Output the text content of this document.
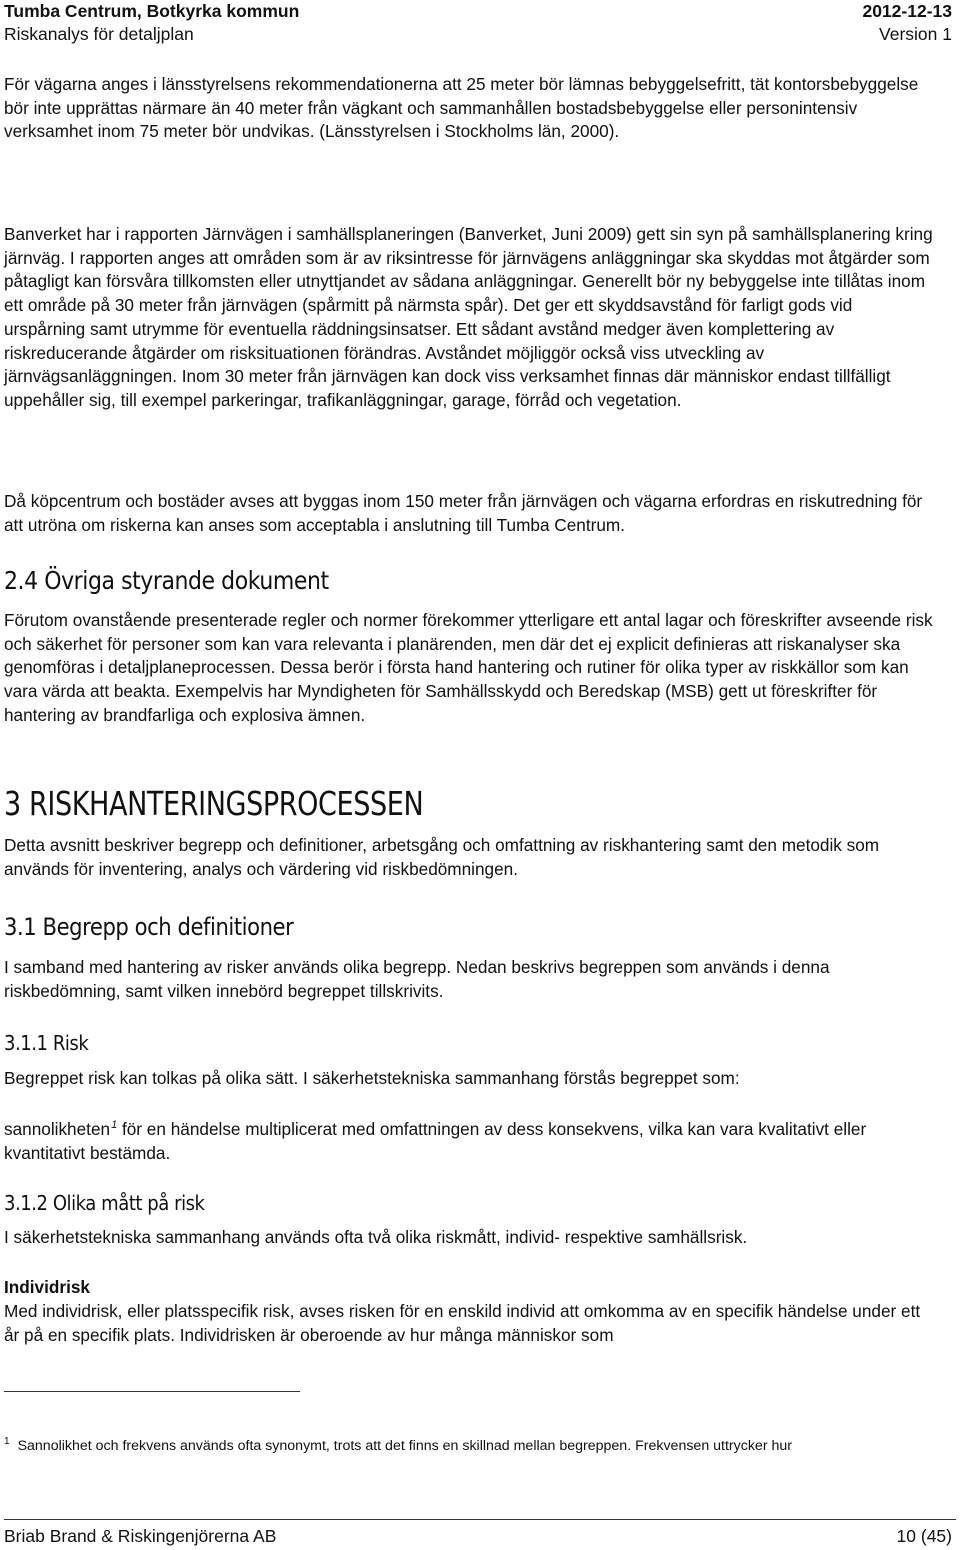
Tumba Centrum, Botkyrka kommun	2012-12-13
Riskanalys för detaljplan	Version 1

För vägarna anges i länsstyrelsens rekommendationerna att 25 meter bör lämnas bebyggelsefritt, tät kontorsbebyggelse bör inte upprättas närmare än 40 meter från vägkant och sammanhållen bostadsbebyggelse eller personintensiv verksamhet inom 75 meter bör undvikas. (Länsstyrelsen i Stockholms län, 2000).

Banverket har i rapporten Järnvägen i samhällsplaneringen (Banverket, Juni 2009) gett sin syn på samhällsplanering kring järnväg. I rapporten anges att områden som är av riksintresse för järnvägens anläggningar ska skyddas mot åtgärder som påtagligt kan försvåra tillkomsten eller utnyttjandet av sådana anläggningar. Generellt bör ny bebyggelse inte tillåtas inom ett område på 30 meter från järnvägen (spårmitt på närmsta spår). Det ger ett skyddsavstånd för farligt gods vid urspårning samt utrymme för eventuella räddningsinsatser. Ett sådant avstånd medger även komplettering av riskreducerande åtgärder om risksituationen förändras. Avståndet möjliggör också viss utveckling av järnvägsanläggningen. Inom 30 meter från järnvägen kan dock viss verksamhet finnas där människor endast tillfälligt uppehåller sig, till exempel parkeringar, trafikanläggningar, garage, förråd och vegetation.

Då köpcentrum och bostäder avses att byggas inom 150 meter från järnvägen och vägarna erfordras en riskutredning för att utröna om riskerna kan anses som acceptabla i anslutning till Tumba Centrum.

2.4 Övriga styrande dokument

Förutom ovanstående presenterade regler och normer förekommer ytterligare ett antal lagar och föreskrifter avseende risk och säkerhet för personer som kan vara relevanta i planärenden, men där det ej explicit definieras att riskanalyser ska genomföras i detaljplaneprocessen. Dessa berör i första hand hantering och rutiner för olika typer av riskkällor som kan vara värda att beakta. Exempelvis har Myndigheten för Samhällsskydd och Beredskap (MSB) gett ut föreskrifter för hantering av brandfarliga och explosiva ämnen.

3 RISKHANTERINGSPROCESSEN

Detta avsnitt beskriver begrepp och definitioner, arbetsgång och omfattning av riskhantering samt den metodik som används för inventering, analys och värdering vid riskbedömningen.

3.1 Begrepp och definitioner

I samband med hantering av risker används olika begrepp. Nedan beskrivs begreppen som används i denna riskbedömning, samt vilken innebörd begreppet tillskrivits.

3.1.1 Risk

Begreppet risk kan tolkas på olika sätt. I säkerhetstekniska sammanhang förstås begreppet som:

sannolikheten$^1$ för en händelse multiplicerat med omfattningen av dess konsekvens, vilka kan vara kvalitativt eller kvantitativt bestämda.

3.1.2 Olika mått på risk

I säkerhetstekniska sammanhang används ofta två olika riskmått, individ- respektive samhällsrisk.

Individrisk

Med individrisk, eller platsspecifik risk, avses risken för en enskild individ att omkomma av en specifik händelse under ett år på en specifik plats. Individrisken är oberoende av hur många människor som

$^1$ Sannolikhet och frekvens används ofta synonymt, trots att det finns en skillnad mellan begreppen. Frekvensen uttrycker hur
Briab Brand & Riskingenjörerna AB	10 (45)
